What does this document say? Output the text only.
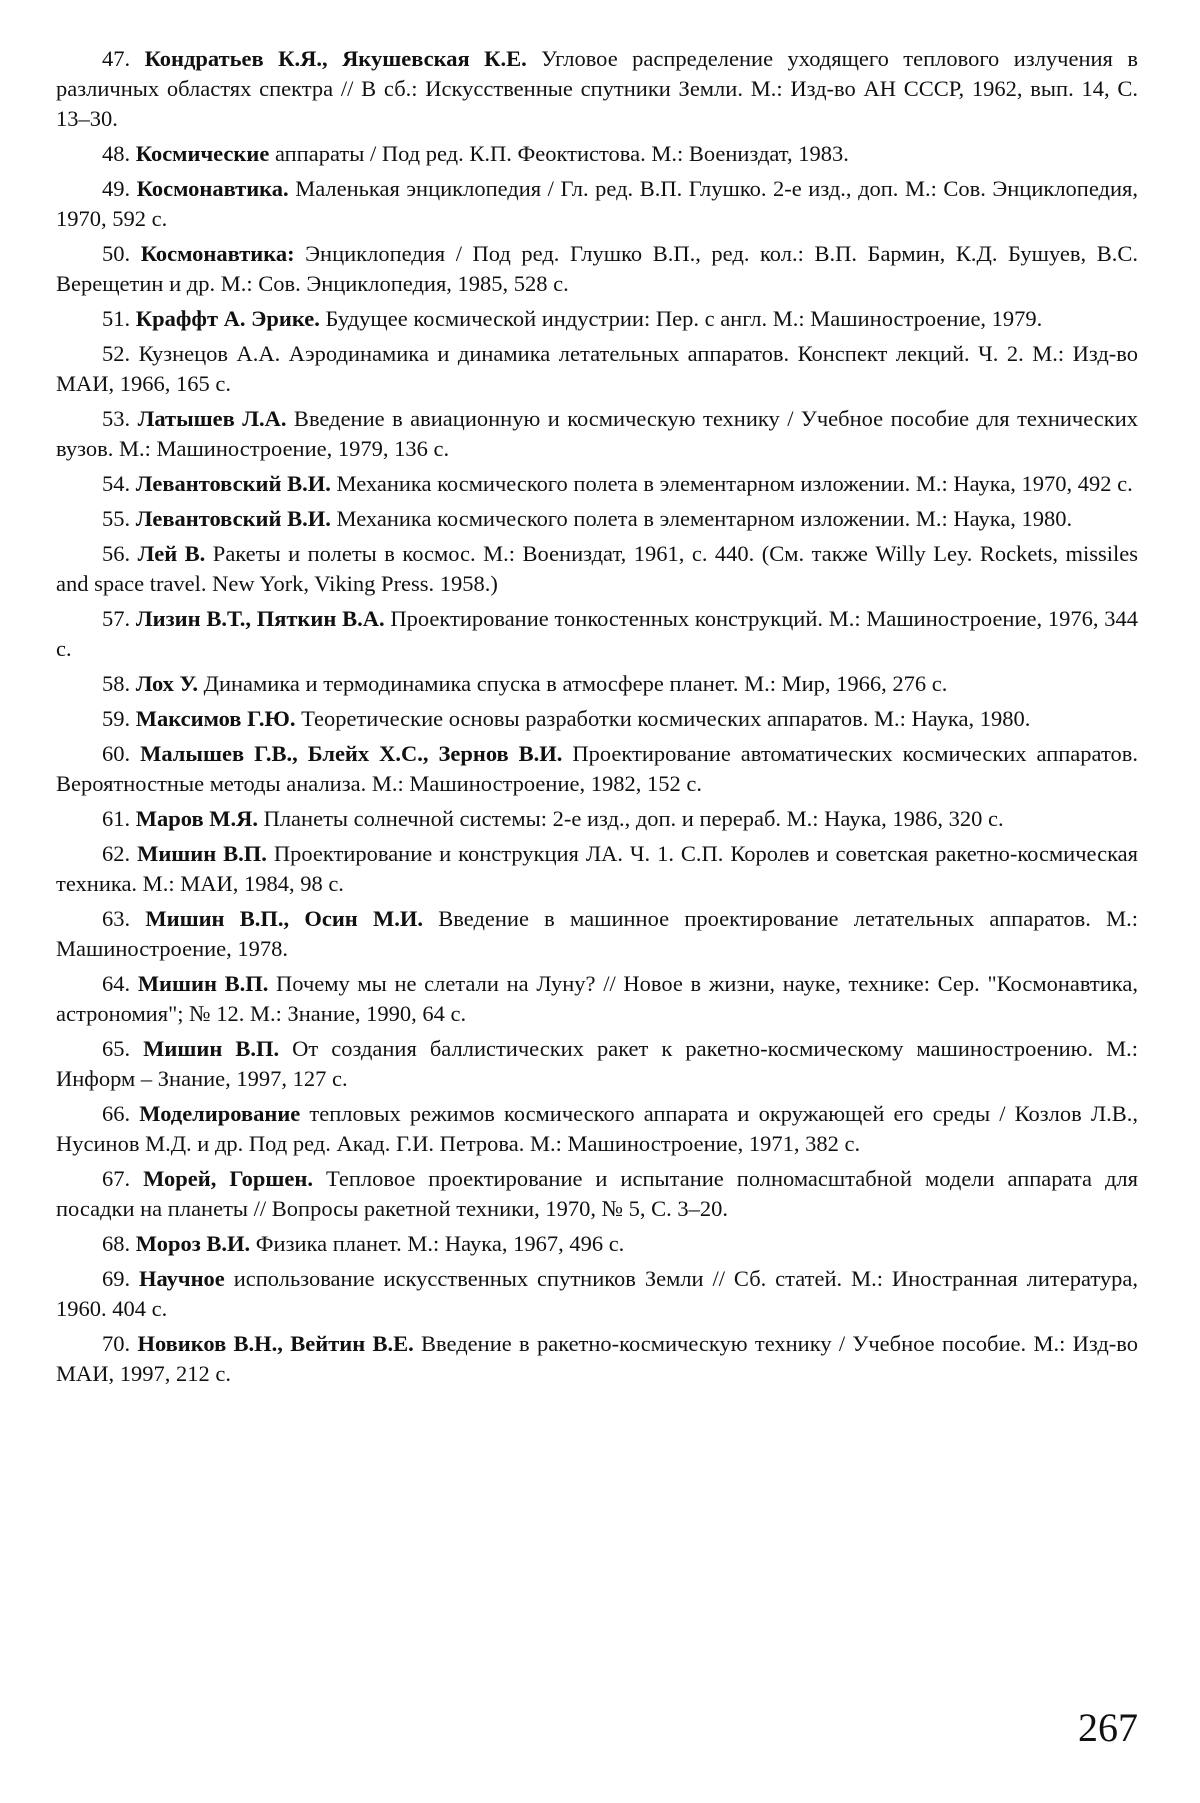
47. Кондратьев К.Я., Якушевская К.Е. Угловое распределение уходящего теплового излучения в различных областях спектра // В сб.: Искусственные спутники Земли. М.: Изд-во АН СССР, 1962, вып. 14, С. 13–30.

48. Космические аппараты / Под ред. К.П. Феоктистова. М.: Воениздат, 1983.

49. Космонавтика. Маленькая энциклопедия / Гл. ред. В.П. Глушко. 2-е изд., доп. М.: Сов. Энциклопедия, 1970, 592 с.

50. Космонавтика: Энциклопедия / Под ред. Глушко В.П., ред. кол.: В.П. Бармин, К.Д. Бушуев, В.С. Верещетин и др. М.: Сов. Энциклопедия, 1985, 528 с.

51. Краффт А. Эрике. Будущее космической индустрии: Пер. с англ. М.: Машиностроение, 1979.

52. Кузнецов А.А. Аэродинамика и динамика летательных аппаратов. Конспект лекций. Ч. 2. М.: Изд-во МАИ, 1966, 165 с.

53. Латышев Л.А. Введение в авиационную и космическую технику / Учебное пособие для технических вузов. М.: Машиностроение, 1979, 136 с.

54. Левантовский В.И. Механика космического полета в элементарном изложении. М.: Наука, 1970, 492 с.

55. Левантовский В.И. Механика космического полета в элементарном изложении. М.: Наука, 1980.

56. Лей В. Ракеты и полеты в космос. М.: Воениздат, 1961, с. 440. (См. также Willy Ley. Rockets, missiles and space travel. New York, Viking Press. 1958.)

57. Лизин В.Т., Пяткин В.А. Проектирование тонкостенных конструкций. М.: Машиностроение, 1976, 344 с.

58. Лох У. Динамика и термодинамика спуска в атмосфере планет. М.: Мир, 1966, 276 с.

59. Максимов Г.Ю. Теоретические основы разработки космических аппаратов. М.: Наука, 1980.

60. Малышев Г.В., Блейх Х.С., Зернов В.И. Проектирование автоматических космических аппаратов. Вероятностные методы анализа. М.: Машиностроение, 1982, 152 с.

61. Маров М.Я. Планеты солнечной системы: 2-е изд., доп. и перераб. М.: Наука, 1986, 320 с.

62. Мишин В.П. Проектирование и конструкция ЛА. Ч. 1. С.П. Королев и советская ракетно-космическая техника. М.: МАИ, 1984, 98 с.

63. Мишин В.П., Осин М.И. Введение в машинное проектирование летательных аппаратов. М.: Машиностроение, 1978.

64. Мишин В.П. Почему мы не слетали на Луну? // Новое в жизни, науке, технике: Сер. "Космонавтика, астрономия"; № 12. М.: Знание, 1990, 64 с.

65. Мишин В.П. От создания баллистических ракет к ракетно-космическому машиностроению. М.: Информ – Знание, 1997, 127 с.

66. Моделирование тепловых режимов космического аппарата и окружающей его среды / Козлов Л.В., Нусинов М.Д. и др. Под ред. Акад. Г.И. Петрова. М.: Машиностроение, 1971, 382 с.

67. Морей, Горшен. Тепловое проектирование и испытание полномасштабной модели аппарата для посадки на планеты // Вопросы ракетной техники, 1970, № 5, С. 3–20.

68. Мороз В.И. Физика планет. М.: Наука, 1967, 496 с.

69. Научное использование искусственных спутников Земли // Сб. статей. М.: Иностранная литература, 1960. 404 с.

70. Новиков В.Н., Вейтин В.Е. Введение в ракетно-космическую технику / Учебное пособие. М.: Изд-во МАИ, 1997, 212 с.

267
